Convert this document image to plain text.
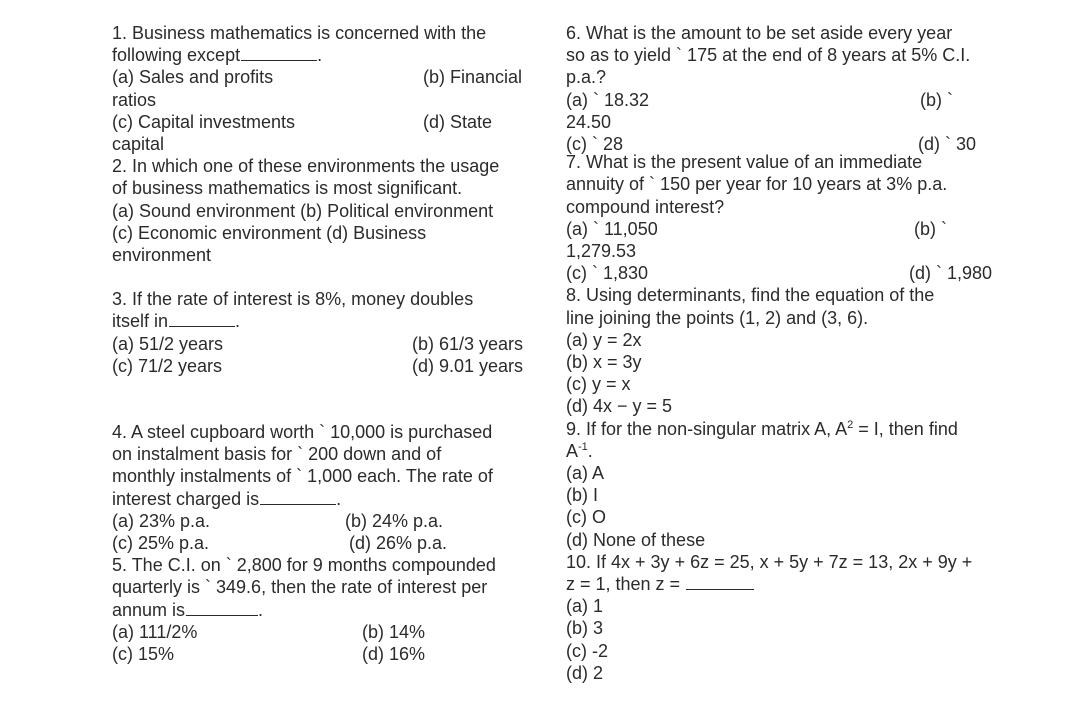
1. Business mathematics is concerned with the
following except	.
(a) Sales and profits	(b) Financial
ratios
(c) Capital investments	(d) State
capital
2. In which one of these environments the usage
of business mathematics is most significant.
(a) Sound environment (b) Political environment
(c) Economic environment (d) Business
environment
3. If the rate of interest is 8%, money doubles
itself in	.
(a) 51/2 years	(b) 61/3 years
(c) 71/2 years	(d) 9.01 years
4. A steel cupboard worth ` 10,000 is purchased
on instalment basis for ` 200 down and of
monthly instalments of ` 1,000 each. The rate of
interest charged is	.
(a) 23% p.a.	(b) 24% p.a.
(c) 25% p.a.	(d) 26% p.a.
5. The C.I. on ` 2,800 for 9 months compounded
quarterly is ` 349.6, then the rate of interest per
annum is	.
(a) 111/2%	(b) 14%
(c) 15%	(d) 16%
6. What is the amount to be set aside every year
so as to yield ` 175 at the end of 8 years at 5% C.I.
p.a.?
(a) ` 18.32	(b) `
24.50
(c) ` 28	(d) ` 30
7. What is the present value of an immediate
annuity of ` 150 per year for 10 years at 3% p.a.
compound interest?
(a) ` 11,050	(b) `
1,279.53
(c) ` 1,830	(d) ` 1,980
8. Using determinants, find the equation of the
line joining the points (1, 2) and (3, 6).
(a) y = 2x
(b) x = 3y
(c) y = x
(d) 4x − y = 5
9. If for the non-singular matrix A, $A^2 = I$, then find
$A^{-1}$.
(a) A
(b) I
(c) O
(d) None of these
10. If 4x + 3y + 6z = 25, x + 5y + 7z = 13, 2x + 9y +
z = 1, then z =
(a) 1
(b) 3
(c) -2
(d) 2
